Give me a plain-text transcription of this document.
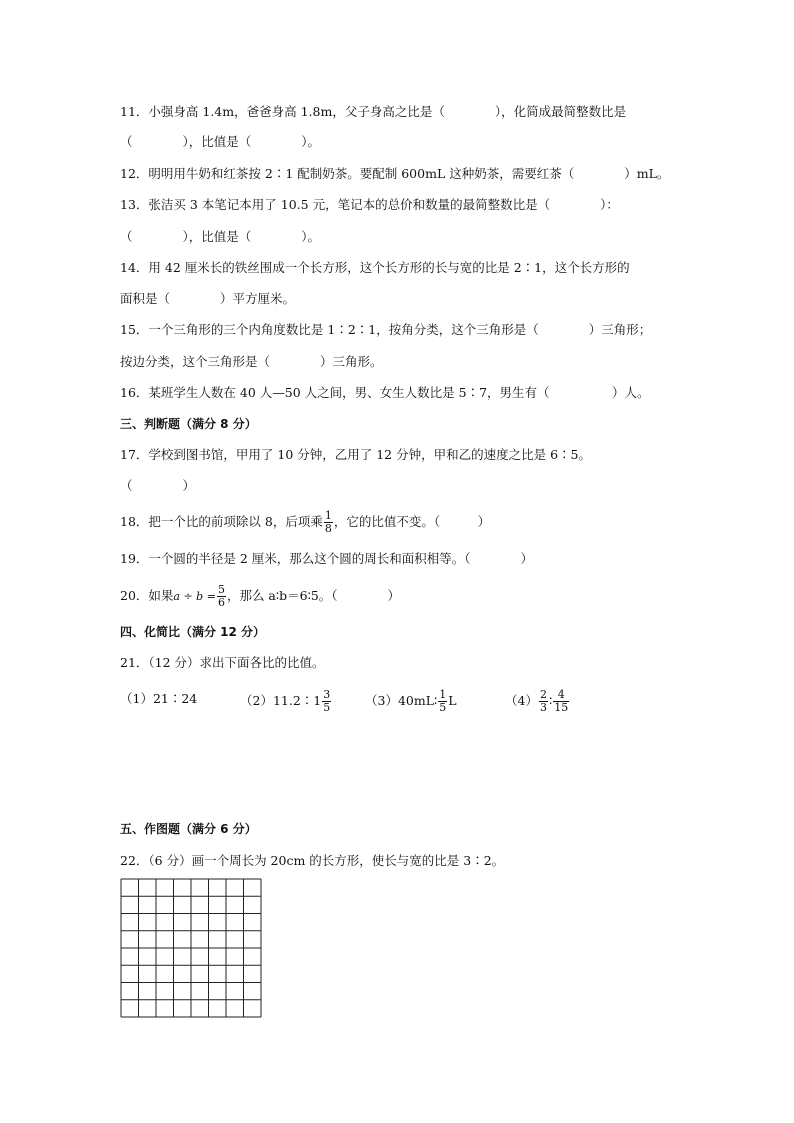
11．小强身高 1.4m，爸爸身高 1.8m，父子身高之比是（　　　　），化简成最简整数比是
（　　　　），比值是（　　　　）。
12．明明用牛奶和红茶按 2∶1 配制奶茶。要配制 600mL 这种奶茶，需要红茶（　　　　）mL。
13．张洁买 3 本笔记本用了 10.5 元，笔记本的总价和数量的最简整数比是（　　　　）：
（　　　　），比值是（　　　　）。
14．用 42 厘米长的铁丝围成一个长方形，这个长方形的长与宽的比是 2∶1，这个长方形的
面积是（　　　　）平方厘米。
15．一个三角形的三个内角度数比是 1∶2∶1，按角分类，这个三角形是（　　　　）三角形；
按边分类，这个三角形是（　　　　）三角形。
16．某班学生人数在 40 人—50 人之间，男、女生人数比是 5∶7，男生有（　　　　　）人。
三、判断题（满分 8 分）
17．学校到图书馆，甲用了 10 分钟，乙用了 12 分钟，甲和乙的速度之比是 6∶5。
（　　　　）
18．把一个比的前项除以 8，后项乘 $\frac{1}{8}$ ，它的比值不变。（　　　）
19．一个圆的半径是 2 厘米，那么这个圆的周长和面积相等。（　　　　）
20．如果$a \div b = \frac{5}{6}$ ，那么 a∶b＝6∶5。（　　　　）
四、化简比（满分 12 分）
21．（12 分）求出下面各比的比值。
（1）21∶24	（2）11.2∶1 $\frac{3}{5}$	（3）40mL∶ $\frac{1}{5}$ L	$(4) \frac{2}{3}$ ∶ $\frac{4}{15}$
五、作图题（满分 6 分）
22．（6 分）画一个周长为 20cm 的长方形，使长与宽的比是 3∶2。
